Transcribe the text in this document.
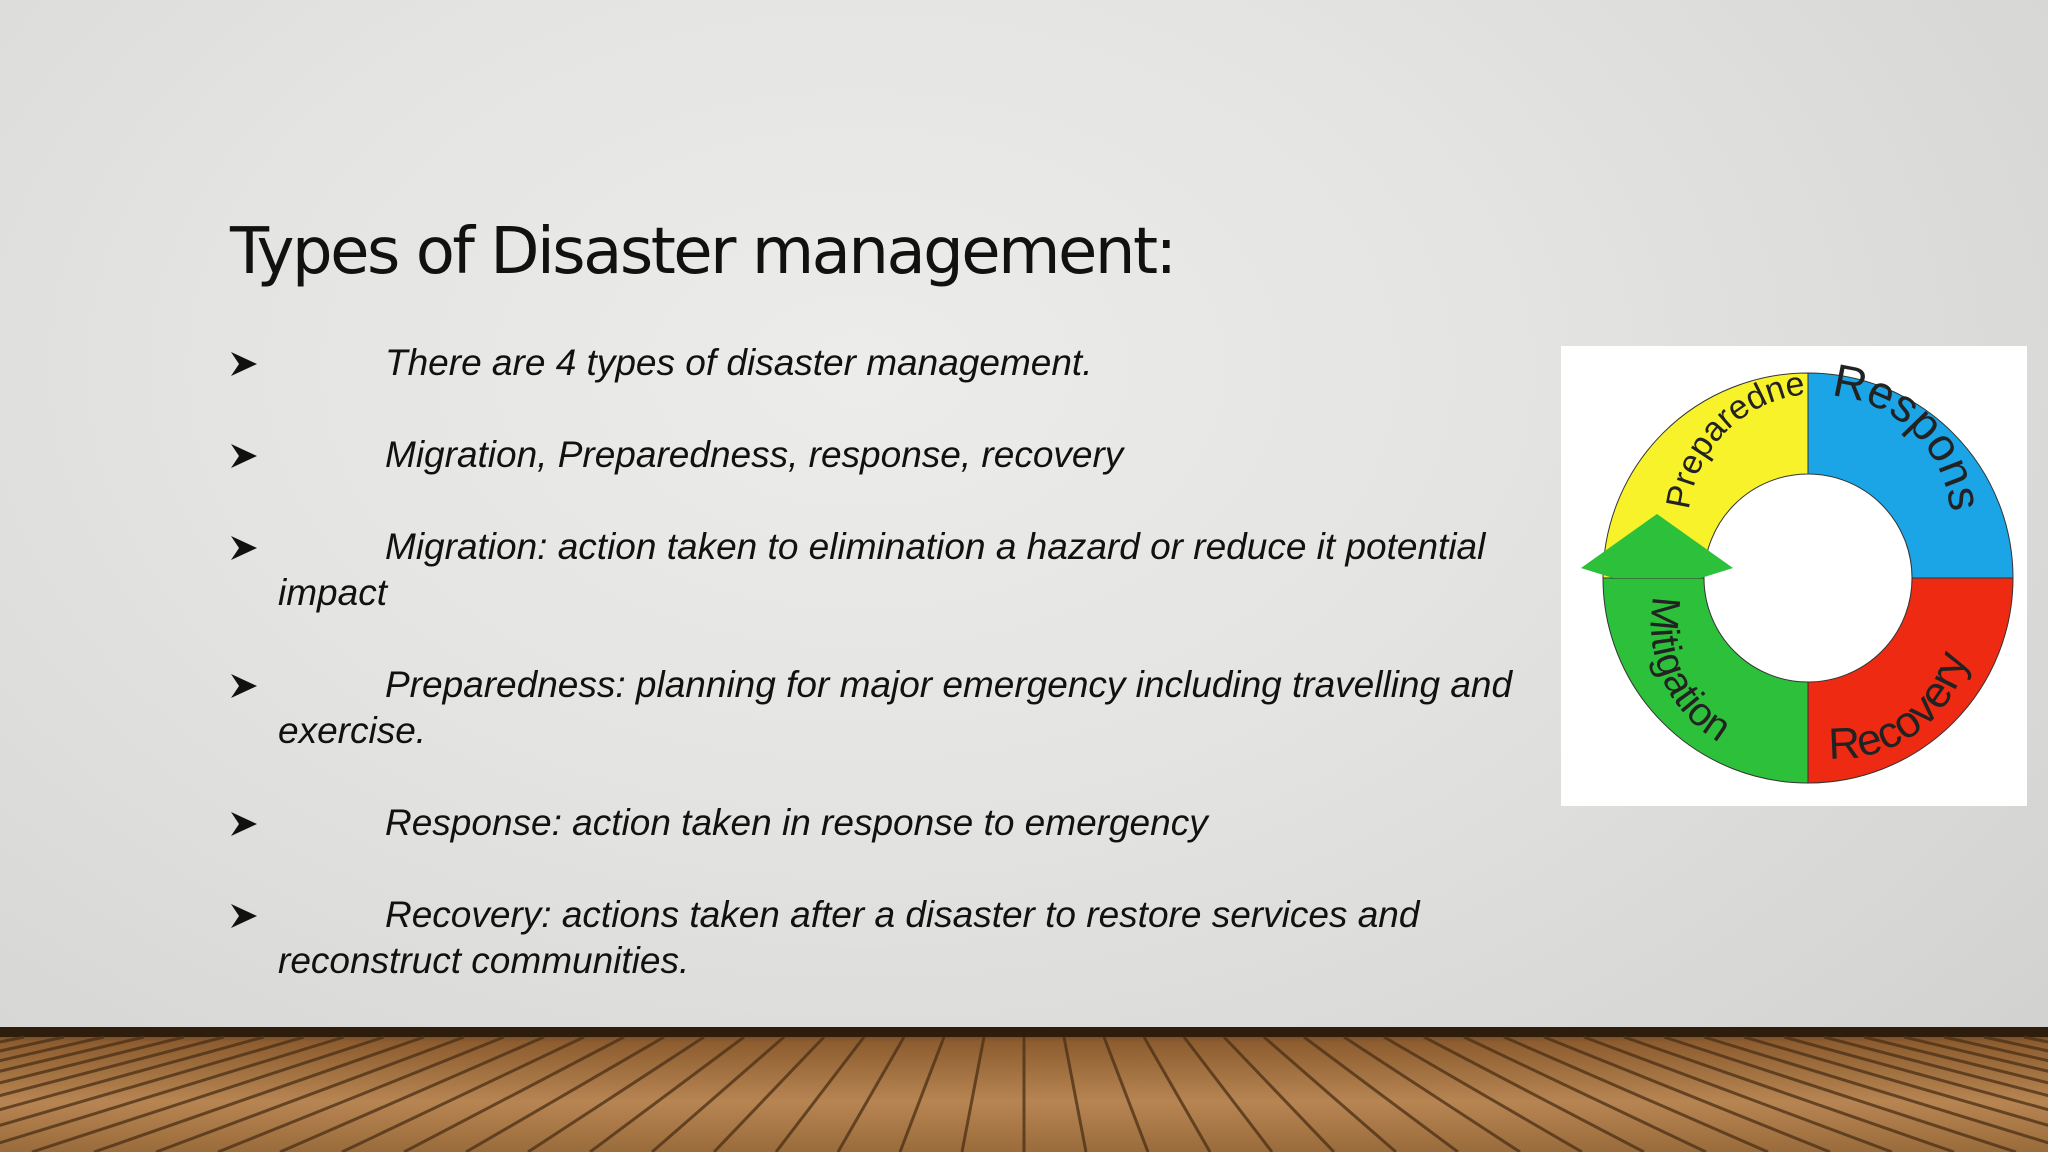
Types of Disaster management:
There are 4 types of disaster management.
Migration, Preparedness, response, recovery
Migration: action taken to elimination a hazard or reduce it potential impact
Preparedness: planning for major emergency including travelling and exercise.
Response: action taken in response to emergency
Recovery: actions taken after a disaster to restore services and reconstruct communities.
Preparedne Respons
Recovery
Mitigation
